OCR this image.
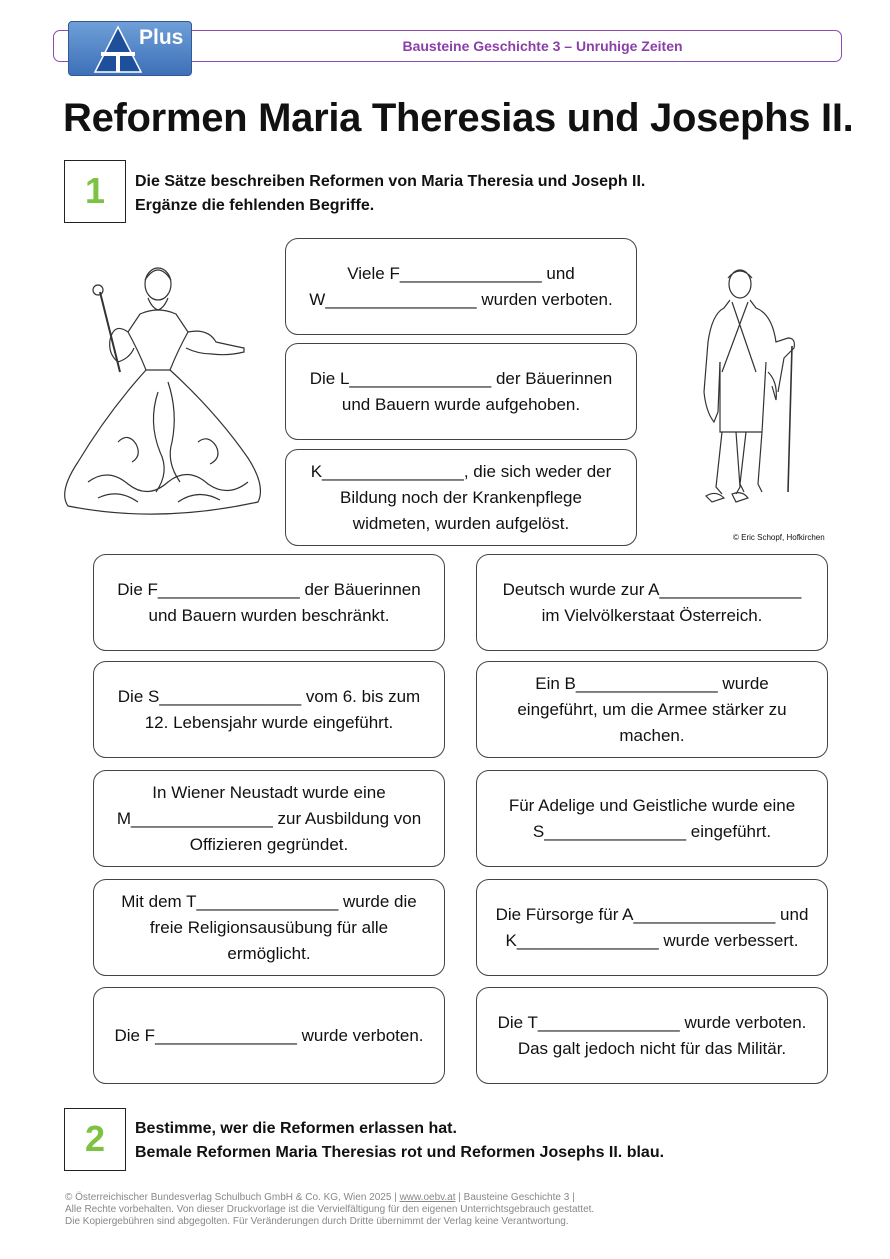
Bausteine Geschichte 3 – Unruhige Zeiten
Plus
Reformen Maria Theresias und Josephs II.
1	Die Sätze beschreiben Reformen von Maria Theresia und Joseph II.
Ergänze die fehlenden Begriffe.
© Eric Schopf, Hofkirchen
Viele F_______________ und W________________ wurden verboten.
Die L_______________ der Bäuerinnen und Bauern wurde aufgehoben.
K_______________, die sich weder der Bildung noch der Krankenpflege widmeten, wurden aufgelöst.
Die F_______________ der Bäuerinnen und Bauern wurden beschränkt.
Deutsch wurde zur A_______________ im Vielvölkerstaat Österreich.
Die S_______________ vom 6. bis zum 12. Lebensjahr wurde eingeführt.
Ein B_______________ wurde eingeführt, um die Armee stärker zu machen.
In Wiener Neustadt wurde eine M_______________ zur Ausbildung von Offizieren gegründet.
Für Adelige und Geistliche wurde eine S_______________ eingeführt.
Mit dem T_______________ wurde die freie Religionsausübung für alle ermöglicht.
Die Fürsorge für A_______________ und K_______________ wurde verbessert.
Die F_______________ wurde verboten.
Die T_______________ wurde verboten. Das galt jedoch nicht für das Militär.
2	Bestimme, wer die Reformen erlassen hat.
Bemale Reformen Maria Theresias rot und Reformen Josephs II. blau.
© Österreichischer Bundesverlag Schulbuch GmbH & Co. KG, Wien 2025 | www.oebv.at | Bausteine Geschichte 3 |
Alle Rechte vorbehalten. Von dieser Druckvorlage ist die Vervielfältigung für den eigenen Unterrichtsgebrauch gestattet.
Die Kopiergebühren sind abgegolten. Für Veränderungen durch Dritte übernimmt der Verlag keine Verantwortung.
